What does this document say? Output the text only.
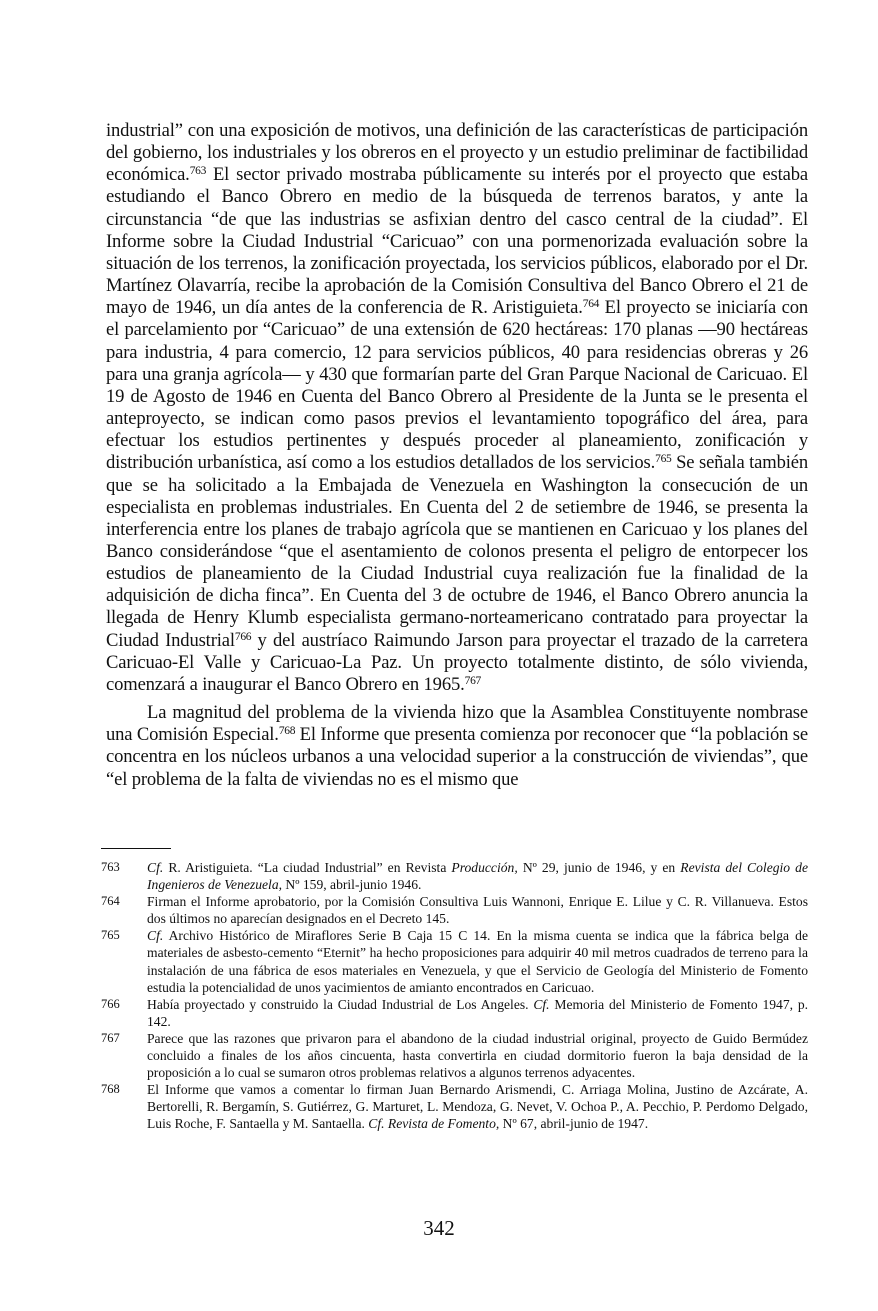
industrial” con una exposición de motivos, una definición de las características de participación del gobierno, los industriales y los obreros en el proyecto y un estudio preliminar de factibilidad económica.$^{763}$ El sector privado mostraba públicamente su interés por el proyecto que estaba estudiando el Banco Obrero en medio de la búsqueda de terrenos baratos, y ante la circunstancia “de que las industrias se asfixian dentro del casco central de la ciudad”. El Informe sobre la Ciudad Industrial “Caricuao” con una pormenorizada evaluación sobre la situación de los terrenos, la zonificación proyectada, los servicios públicos, elaborado por el Dr. Martínez Olavarría, recibe la aprobación de la Comisión Consultiva del Banco Obrero el 21 de mayo de 1946, un día antes de la conferencia de R. Aristiguieta.$^{764}$ El proyecto se iniciaría con el parcelamiento por “Caricuao” de una extensión de 620 hectáreas: 170 planas —90 hectáreas para industria, 4 para comercio, 12 para servicios públicos, 40 para residencias obreras y 26 para una granja agrícola— y 430 que formarían parte del Gran Parque Nacional de Caricuao. El 19 de Agosto de 1946 en Cuenta del Banco Obrero al Presidente de la Junta se le presenta el anteproyecto, se indican como pasos previos el levantamiento topográfico del área, para efectuar los estudios pertinentes y después proceder al planeamiento, zonificación y distribución urbanística, así como a los estudios detallados de los servicios.$^{765}$ Se señala también que se ha solicitado a la Embajada de Venezuela en Washington la consecución de un especialista en problemas industriales. En Cuenta del 2 de setiembre de 1946, se presenta la interferencia entre los planes de trabajo agrícola que se mantienen en Caricuao y los planes del Banco considerándose “que el asentamiento de colonos presenta el peligro de entorpecer los estudios de planeamiento de la Ciudad Industrial cuya realización fue la finalidad de la adquisición de dicha finca”. En Cuenta del 3 de octubre de 1946, el Banco Obrero anuncia la llegada de Henry Klumb especialista germano-norteamericano contratado para proyectar la Ciudad Industrial$^{766}$ y del austríaco Raimundo Jarson para proyectar el trazado de la carretera Caricuao-El Valle y Caricuao-La Paz. Un proyecto totalmente distinto, de sólo vivienda, comenzará a inaugurar el Banco Obrero en 1965.$^{767}$

La magnitud del problema de la vivienda hizo que la Asamblea Constituyente nombrase una Comisión Especial.$^{768}$ El Informe que presenta comienza por reconocer que “la población se concentra en los núcleos urbanos a una velocidad superior a la construcción de viviendas”, que “el problema de la falta de viviendas no es el mismo que

763 Cf. R. Aristiguieta. “La ciudad Industrial” en Revista Producción, Nº 29, junio de 1946, y en Revista del Colegio de Ingenieros de Venezuela, Nº 159, abril-junio 1946.
764 Firman el Informe aprobatorio, por la Comisión Consultiva Luis Wannoni, Enrique E. Lilue y C. R. Villanueva. Estos dos últimos no aparecían designados en el Decreto 145.
765 Cf. Archivo Histórico de Miraflores Serie B Caja 15 C 14. En la misma cuenta se indica que la fábrica belga de materiales de asbesto-cemento “Eternit” ha hecho proposiciones para adquirir 40 mil metros cuadrados de terreno para la instalación de una fábrica de esos materiales en Venezuela, y que el Servicio de Geología del Ministerio de Fomento estudia la potencialidad de unos yacimientos de amianto encontrados en Caricuao.
766 Había proyectado y construido la Ciudad Industrial de Los Angeles. Cf. Memoria del Ministerio de Fomento 1947, p. 142.
767 Parece que las razones que privaron para el abandono de la ciudad industrial original, proyecto de Guido Bermúdez concluido a finales de los años cincuenta, hasta convertirla en ciudad dormitorio fueron la baja densidad de la proposición a lo cual se sumaron otros problemas relativos a algunos terrenos adyacentes.
768 El Informe que vamos a comentar lo firman Juan Bernardo Arismendi, C. Arriaga Molina, Justino de Azcárate, A. Bertorelli, R. Bergamín, S. Gutiérrez, G. Marturet, L. Mendoza, G. Nevet, V. Ochoa P., A. Pecchio, P. Perdomo Delgado, Luis Roche, F. Santaella y M. Santaella. Cf. Revista de Fomento, Nº 67, abril-junio de 1947.
342
